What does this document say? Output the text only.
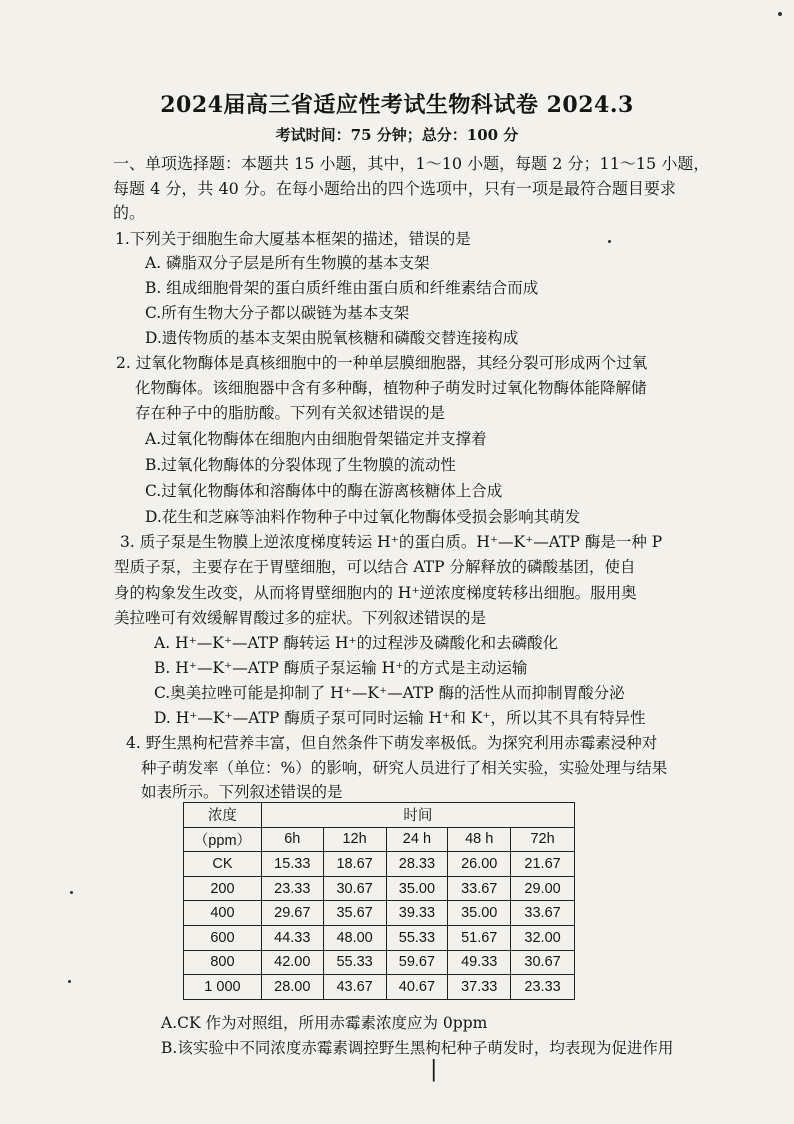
2024届高三省适应性考试生物科试卷 2024.3
考试时间：75 分钟；总分：100 分
一、单项选择题：本题共 15 小题，其中，1～10 小题，每题 2 分；11～15 小题，
每题 4 分，共 40 分。在每小题给出的四个选项中，只有一项是最符合题目要求
的。
1.下列关于细胞生命大厦基本框架的描述，错误的是
A. 磷脂双分子层是所有生物膜的基本支架
B. 组成细胞骨架的蛋白质纤维由蛋白质和纤维素结合而成
C.所有生物大分子都以碳链为基本支架
D.遗传物质的基本支架由脱氧核糖和磷酸交替连接构成
2. 过氧化物酶体是真核细胞中的一种单层膜细胞器，其经分裂可形成两个过氧
化物酶体。该细胞器中含有多种酶，植物种子萌发时过氧化物酶体能降解储
存在种子中的脂肪酸。下列有关叙述错误的是
A.过氧化物酶体在细胞内由细胞骨架锚定并支撑着
B.过氧化物酶体的分裂体现了生物膜的流动性
C.过氧化物酶体和溶酶体中的酶在游离核糖体上合成
D.花生和芝麻等油料作物种子中过氧化物酶体受损会影响其萌发
3. 质子泵是生物膜上逆浓度梯度转运 H⁺的蛋白质。H⁺—K⁺—ATP 酶是一种 P
型质子泵，主要存在于胃壁细胞，可以结合 ATP 分解释放的磷酸基团，使自
身的构象发生改变，从而将胃壁细胞内的 H⁺逆浓度梯度转移出细胞。服用奥
美拉唑可有效缓解胃酸过多的症状。下列叙述错误的是
A. H⁺—K⁺—ATP 酶转运 H⁺的过程涉及磷酸化和去磷酸化
B. H⁺—K⁺—ATP 酶质子泵运输 H⁺的方式是主动运输
C.奥美拉唑可能是抑制了 H⁺—K⁺—ATP 酶的活性从而抑制胃酸分泌
D. H⁺—K⁺—ATP 酶质子泵可同时运输 H⁺和 K⁺，所以其不具有特异性
4. 野生黑枸杞营养丰富，但自然条件下萌发率极低。为探究利用赤霉素浸种对
种子萌发率（单位：%）的影响，研究人员进行了相关实验，实验处理与结果
如表所示。下列叙述错误的是
浓度	时间				
（ppm）	6h	12h	24 h	48 h	72h
CK	15.33	18.67	28.33	26.00	21.67
200	23.33	30.67	35.00	33.67	29.00
400	29.67	35.67	39.33	35.00	33.67
600	44.33	48.00	55.33	51.67	32.00
800	42.00	55.33	59.67	49.33	30.67
1 000	28.00	43.67	40.67	37.33	23.33
A.CK 作为对照组，所用赤霉素浓度应为 0ppm
B.该实验中不同浓度赤霉素调控野生黑枸杞种子萌发时，均表现为促进作用
|
